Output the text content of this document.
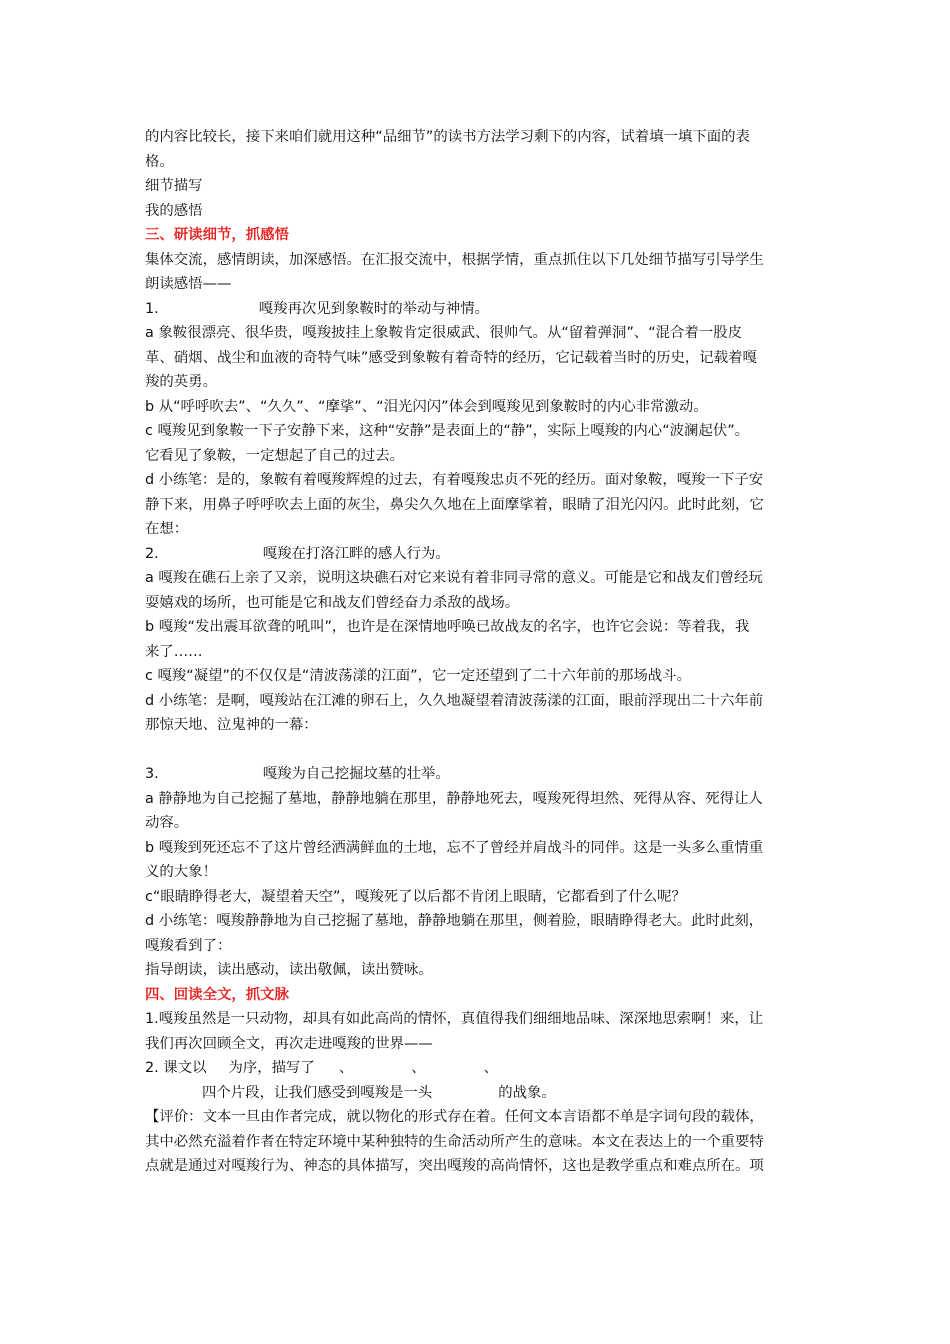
的内容比较长，接下来咱们就用这种“品细节”的读书方法学习剩下的内容，试着填一填下面的表
格。
细节描写
我的感悟
三、研读细节，抓感悟
集体交流，感情朗读，加深感悟。在汇报交流中，根据学情，重点抓住以下几处细节描写引导学生
朗读感悟——
1.	嘎羧再次见到象鞍时的举动与神情。
a 象鞍很漂亮、很华贵，嘎羧披挂上象鞍肯定很威武、很帅气。从“留着弹洞”、“混合着一股皮
革、硝烟、战尘和血液的奇特气味”感受到象鞍有着奇特的经历，它记载着当时的历史，记载着嘎
羧的英勇。
b 从“呼呼吹去”、“久久”、“摩挲”、“泪光闪闪”体会到嘎羧见到象鞍时的内心非常激动。
c 嘎羧见到象鞍一下子安静下来，这种“安静”是表面上的“静”，实际上嘎羧的内心“波澜起伏”。
它看见了象鞍，一定想起了自己的过去。
d 小练笔：是的，象鞍有着嘎羧辉煌的过去，有着嘎羧忠贞不死的经历。面对象鞍，嘎羧一下子安
静下来，用鼻子呼呼吹去上面的灰尘，鼻尖久久地在上面摩挲着，眼睛了泪光闪闪。此时此刻，它
在想：
2.	嘎羧在打洛江畔的感人行为。
a 嘎羧在礁石上亲了又亲，说明这块礁石对它来说有着非同寻常的意义。可能是它和战友们曾经玩
耍嬉戏的场所，也可能是它和战友们曾经奋力杀敌的战场。
b 嘎羧“发出震耳欲聋的吼叫”，也许是在深情地呼唤已故战友的名字，也许它会说：等着我，我
来了……
c 嘎羧“凝望”的不仅仅是“清波荡漾的江面”，它一定还望到了二十六年前的那场战斗。
d 小练笔：是啊，嘎羧站在江滩的卵石上，久久地凝望着清波荡漾的江面，眼前浮现出二十六年前
那惊天地、泣鬼神的一幕：
3.	嘎羧为自己挖掘坟墓的壮举。
a 静静地为自己挖掘了墓地，静静地躺在那里，静静地死去，嘎羧死得坦然、死得从容、死得让人
动容。
b 嘎羧到死还忘不了这片曾经洒满鲜血的土地，忘不了曾经并肩战斗的同伴。这是一头多么重情重
义的大象！
c“眼睛睁得老大，凝望着天空”，嘎羧死了以后都不肯闭上眼睛，它都看到了什么呢？
d 小练笔：嘎羧静静地为自己挖掘了墓地，静静地躺在那里，侧着脸，眼睛睁得老大。此时此刻，
嘎羧看到了：
指导朗读，读出感动，读出敬佩，读出赞咏。
四、回读全文，抓文脉
1.嘎羧虽然是一只动物，却具有如此高尚的情怀，真值得我们细细地品味、深深地思索啊！来，让
我们再次回顾全文，再次走进嘎羧的世界——
2. 课文以 为序，描写了 、	、	、
四个片段，让我们感受到嘎羧是一头	的战象。
【评价：文本一旦由作者完成，就以物化的形式存在着。任何文本言语都不单是字词句段的载体，
其中必然充溢着作者在特定环境中某种独特的生命活动所产生的意味。本文在表达上的一个重要特
点就是通过对嘎羧行为、神态的具体描写，突出嘎羧的高尚情怀，这也是教学重点和难点所在。项
